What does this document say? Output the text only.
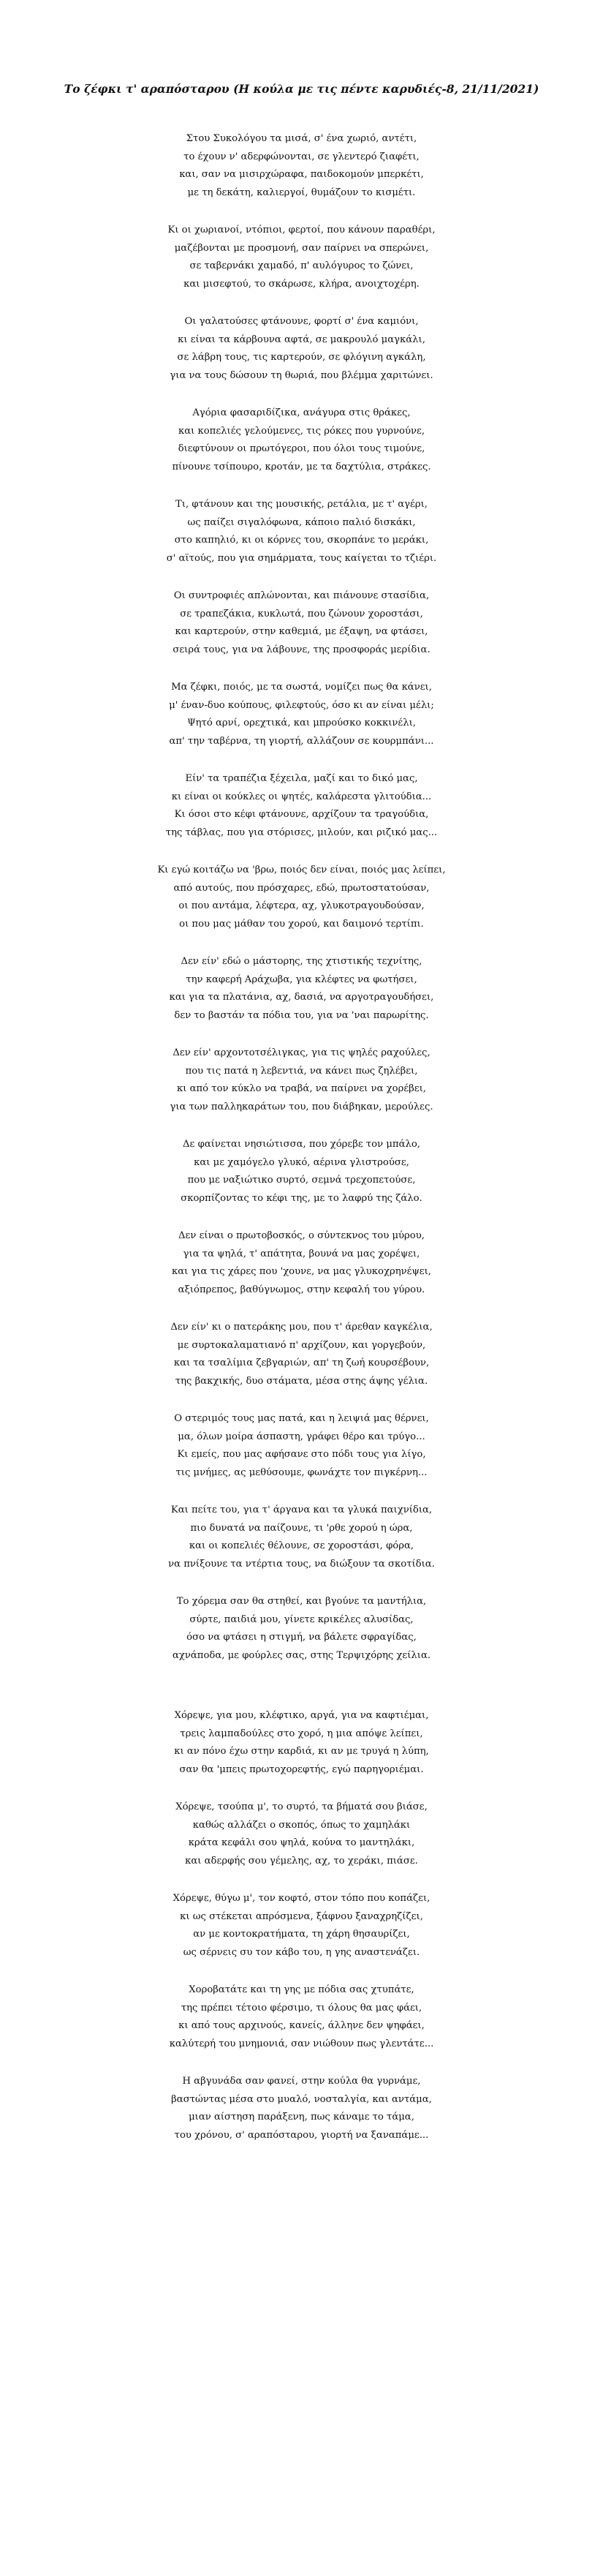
Το ζέφκι τ' αραπόσταρου (Η κούλα με τις πέντε καρυδιές-8, 21/11/2021)
Στου Συκολόγου τα μισά, σ' ένα χωριό, αντέτι,
το έχουν ν' αδερφώνονται, σε γλεντερό ζιαφέτι,
και, σαν να μισιρχώραφα, παιδοκομούν μπερκέτι,
με τη δεκάτη, καλιεργοί, θυμάζουν το κισμέτι.
Κι οι χωριανοί, ντόπιοι, φερτοί, που κάνουν παραθέρι,
μαζέβονται με προσμονή, σαν παίρνει να σπερώνει,
σε ταβερνάκι χαμαδό, π' αυλόγυρος το ζώνει,
και μισεφτού, το σκάρωσε, κλήρα, ανοιχτοχέρη.
Οι γαλατούσες φτάνουνε, φορτί σ' ένα καμιόνι,
κι είναι τα κάρβουνα αφτά, σε μακρουλό μαγκάλι,
σε λάβρη τους, τις καρτερούν, σε φλόγινη αγκάλη,
για να τους δώσουν τη θωριά, που βλέμμα χαριτώνει.
Αγόρια φασαριδίζικα, ανάγυρα στις θράκες,
και κοπελιές γελούμενες, τις ρόκες που γυρνούνε,
διεφτύνουν οι πρωτόγεροι, που όλοι τους τιμούνε,
πίνουνε τσίπουρο, κροτάν, με τα δαχτύλια, στράκες.
Τι, φτάνουν και της μουσικής, ρετάλια, με τ' αγέρι,
ως παίζει σιγαλόφωνα, κάποιο παλιό δισκάκι,
στο καπηλιό, κι οι κόρνες του, σκορπάνε το μεράκι,
σ' αϊτούς, που για σημάρματα, τους καίγεται το τζιέρι.
Οι συντροφιές απλώνονται, και πιάνουνε στασίδια,
σε τραπεζάκια, κυκλωτά, που ζώνουν χοροστάσι,
και καρτερούν, στην καθεμιά, με έξαψη, να φτάσει,
σειρά τους, για να λάβουνε, της προσφοράς μερίδια.
Μα ζέφκι, ποιός, με τα σωστά, νομίζει πως θα κάνει,
μ' έναν-δυο κούπους, φιλεφτούς, όσο κι αν είναι μέλι;
Ψητό αρνί, ορεχτικά, και μπρούσκο κοκκινέλι,
απ' την ταβέρνα, τη γιορτή, αλλάζουν σε κουρμπάνι...
Είν' τα τραπέζια ξέχειλα, μαζί και το δικό μας,
κι είναι οι κούκλες οι ψητές, καλάρεστα γλιτούδια...
Κι όσοι στο κέφι φτάνουνε, αρχίζουν τα τραγούδια,
της τάβλας, που για στόρισες, μιλούν, και ριζικό μας...
Κι εγώ κοιτάζω να 'βρω, ποιός δεν είναι, ποιός μας λείπει,
από αυτούς, που πρόσχαρες, εδώ, πρωτοστατούσαν,
οι που αντάμα, λέφτερα, αχ, γλυκοτραγουδούσαν,
οι που μας μάθαν του χορού, και δαιμονό τερτίπι.
Δεν είν' εδώ ο μάστορης, της χτιστικής τεχνίτης,
την καφερή Αράχωβα, για κλέφτες να φωτήσει,
και για τα πλατάνια, αχ, δασιά, να αργοτραγουδήσει,
δεν το βαστάν τα πόδια του, για να 'ναι παρωρίτης.
Δεν είν' αρχοντοτσέλιγκας, για τις ψηλές ραχούλες,
που τις πατά η λεβεντιά, να κάνει πως ζηλέβει,
κι από τον κύκλο να τραβά, να παίρνει να χορέβει,
για των παλληκαράτων του, που διάβηκαν, μερούλες.
Δε φαίνεται νησιώτισσα, που χόρεβε τον μπάλο,
και με χαμόγελο γλυκό, αέρινα γλιστρούσε,
που με ναξιώτικο συρτό, σεμνά τρεχοπετούσε,
σκορπίζοντας το κέφι της, με το λαφρύ της ζάλο.
Δεν είναι ο πρωτοβοσκός, ο σύντεκνος του μύρου,
για τα ψηλά, τ' απάτητα, βουνά να μας χορέψει,
και για τις χάρες που 'χουνε, να μας γλυκοχρηνέψει,
αξιόπρεπος, βαθύγνωμος, στην κεφαλή του γύρου.
Δεν είν' κι ο πατεράκης μου, που τ' άρεθαν καγκέλια,
με συρτοκαλαματιανό π' αρχίζουν, και γοργεβούν,
και τα τσαλίμια ζεβγαριών, απ' τη ζωή κουρσέβουν,
της βακχικής, δυο στάματα, μέσα στης άψης γέλια.
Ο στεριμός τους μας πατά, και η λειψιά μας θέρνει,
μα, όλων μοίρα άσπαστη, γράφει θέρο και τρύγο...
Κι εμείς, που μας αφήσανε στο πόδι τους για λίγο,
τις μνήμες, ας μεθύσουμε, φωνάχτε τον πιγκέρνη...
Και πείτε του, για τ' άργανα και τα γλυκά παιχνίδια,
πιο δυνατά να παίζουνε, τι 'ρθε χορού η ώρα,
και οι κοπελιές θέλουνε, σε χοροστάσι, φόρα,
να πνίξουνε τα ντέρτια τους, να διώξουν τα σκοτίδια.
Το χόρεμα σαν θα στηθεί, και βγούνε τα μαντήλια,
σύρτε, παιδιά μου, γίνετε κρικέλες αλυσίδας,
όσο να φτάσει η στιγμή, να βάλετε σφραγίδας,
αχνάποδα, με φούρλες σας, στης Τερψιχόρης χείλια.
Χόρεψε, για μου, κλέφτικο, αργά, για να καφτιέμαι,
τρεις λαμπαδούλες στο χορό, η μια απόψε λείπει,
κι αν πόνο έχω στην καρδιά, κι αν με τρυγά η λύπη,
σαν θα 'μπεις πρωτοχορεφτής, εγώ παρηγοριέμαι.
Χόρεψε, τσούπα μ', το συρτό, τα βήματά σου βιάσε,
καθώς αλλάζει ο σκοπός, όπως το χαμηλάκι
κράτα κεφάλι σου ψηλά, κούνα το μαντηλάκι,
και αδερφής σου γέμελης, αχ, το χεράκι, πιάσε.
Χόρεψε, θύγω μ', τον κοφτό, στον τόπο που κοπάζει,
κι ως στέκεται απρόσμενα, ξάφνου ξαναχρηζίζει,
αν με κοντοκρατήματα, τη χάρη θησαυρίζει,
ως σέρνεις συ τον κάβο του, η γης αναστενάζει.
Χοροβατάτε και τη γης με πόδια σας χτυπάτε,
της πρέπει τέτοιο φέρσιμο, τι όλους θα μας φάει,
κι από τους αρχινούς, κανείς, άλληνε δεν ψηφάει,
καλύτερή του μνημονιά, σαν νιώθουν πως γλεντάτε...
Η αβγυνάδα σαν φανεί, στην κούλα θα γυρνάμε,
βαστώντας μέσα στο μυαλό, νοσταλγία, και αντάμα,
μιαν αίστηση παράξενη, πως κάναμε το τάμα,
του χρόνου, σ' αραπόσταρου, γιορτή να ξαναπάμε...
